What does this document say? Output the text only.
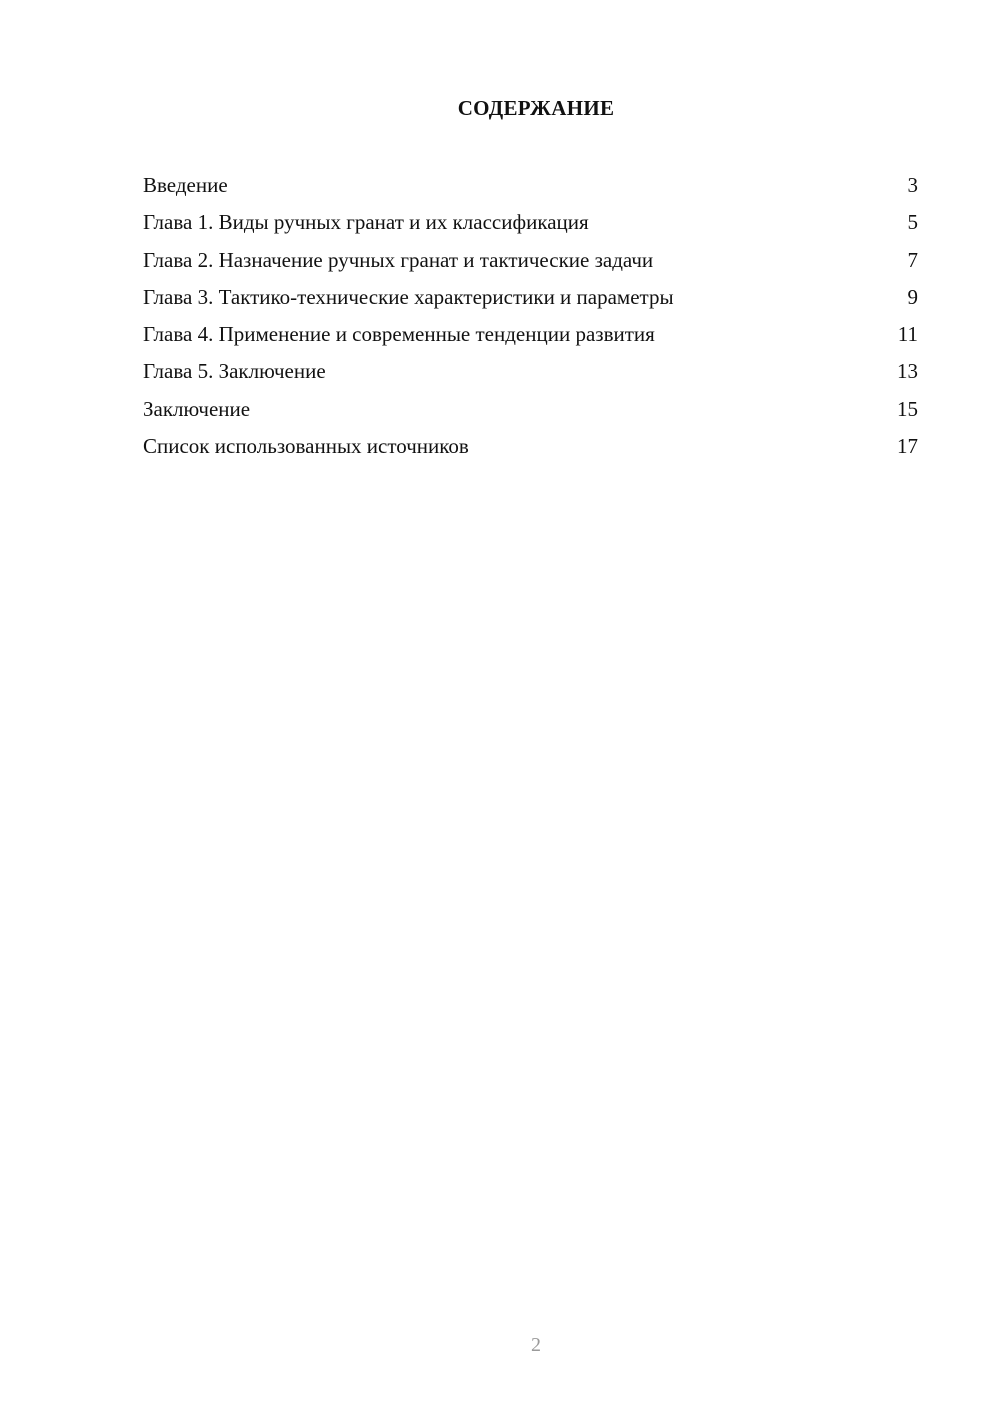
СОДЕРЖАНИЕ
Введение	3
Глава 1. Виды ручных гранат и их классификация	5
Глава 2. Назначение ручных гранат и тактические задачи	7
Глава 3. Тактико-технические характеристики и параметры	9
Глава 4. Применение и современные тенденции развития	11
Глава 5. Заключение	13
Заключение	15
Список использованных источников	17
2
